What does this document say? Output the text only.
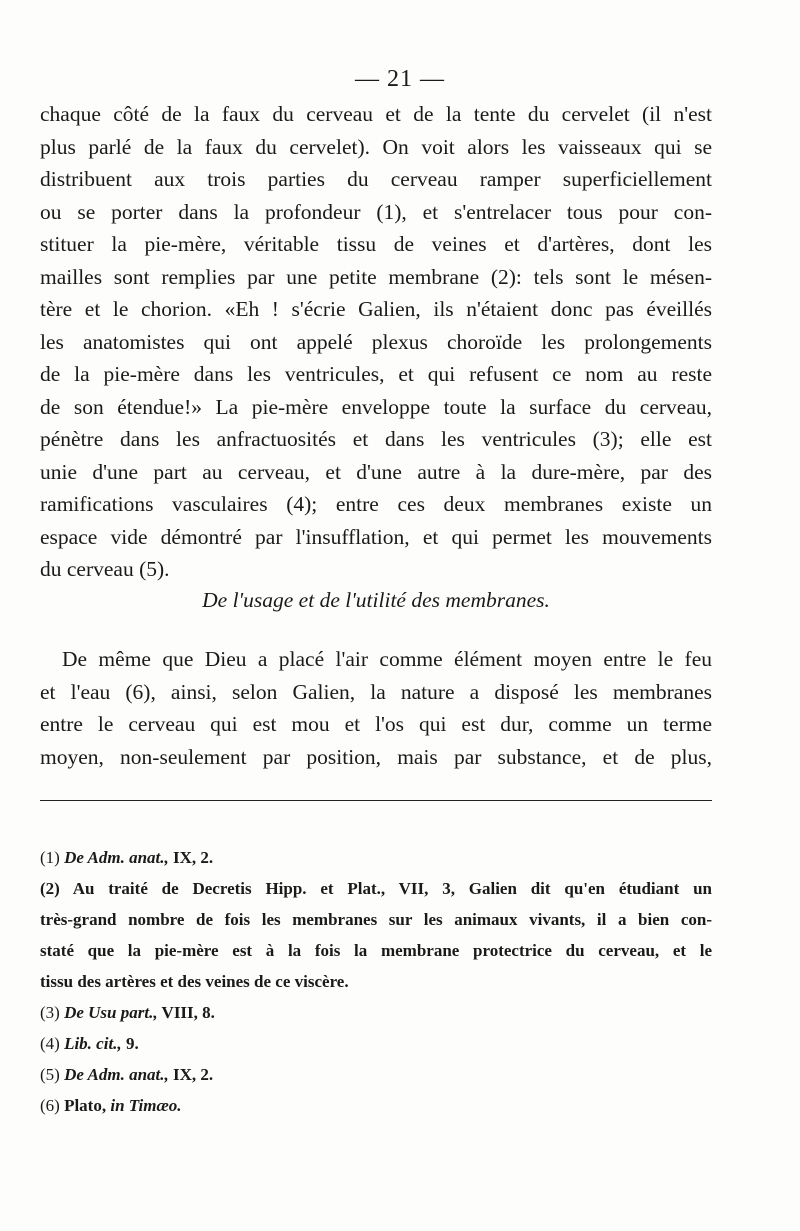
— 21 —
chaque côté de la faux du cerveau et de la tente du cervelet (il n'est
plus parlé de la faux du cervelet). On voit alors les vaisseaux qui se
distribuent aux trois parties du cerveau ramper superficiellement
ou se porter dans la profondeur (1), et s'entrelacer tous pour con-
stituer la pie-mère, véritable tissu de veines et d'artères, dont les
mailles sont remplies par une petite membrane (2): tels sont le mésen-
tère et le chorion. «Eh ! s'écrie Galien, ils n'étaient donc pas éveillés
les anatomistes qui ont appelé plexus choroïde les prolongements
de la pie-mère dans les ventricules, et qui refusent ce nom au reste
de son étendue!» La pie-mère enveloppe toute la surface du cerveau,
pénètre dans les anfractuosités et dans les ventricules (3); elle est
unie d'une part au cerveau, et d'une autre à la dure-mère, par des
ramifications vasculaires (4); entre ces deux membranes existe un
espace vide démontré par l'insufflation, et qui permet les mouvements
du cerveau (5).
De l'usage et de l'utilité des membranes.
De même que Dieu a placé l'air comme élément moyen entre le feu
et l'eau (6), ainsi, selon Galien, la nature a disposé les membranes
entre le cerveau qui est mou et l'os qui est dur, comme un terme
moyen, non-seulement par position, mais par substance, et de plus,
(1) De Adm. anat., IX, 2.
(2) Au traité de Decretis Hipp. et Plat., VII, 3, Galien dit qu'en étudiant un
très-grand nombre de fois les membranes sur les animaux vivants, il a bien con-
staté que la pie-mère est à la fois la membrane protectrice du cerveau, et le
tissu des artères et des veines de ce viscère.
(3) De Usu part., VIII, 8.
(4) Lib. cit., 9.
(5) De Adm. anat., IX, 2.
(6) Plato, in Timæo.
